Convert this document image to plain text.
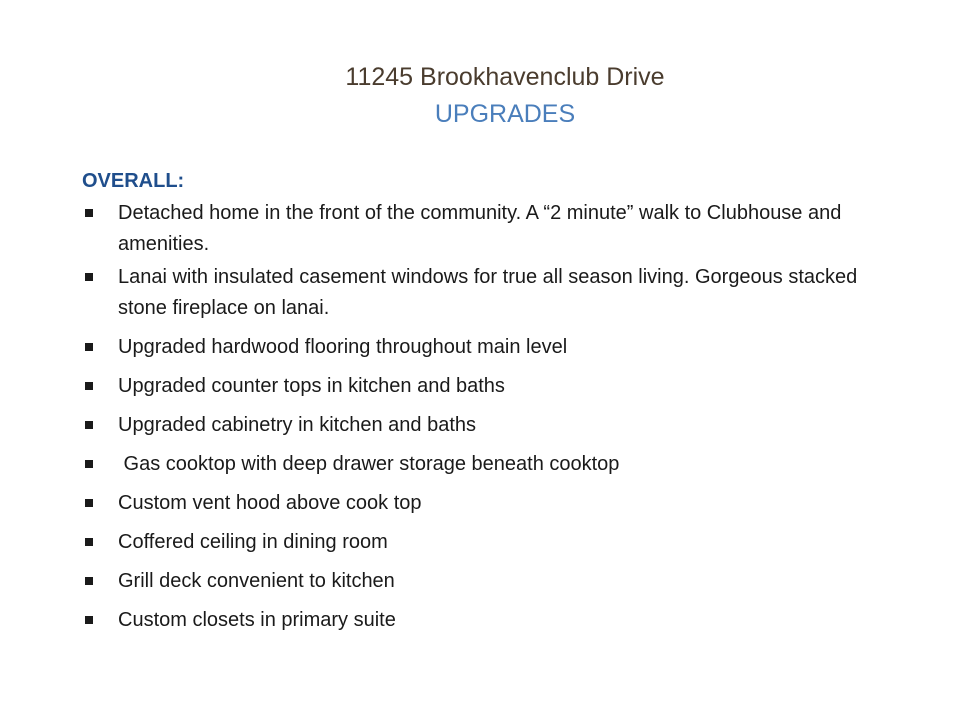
11245 Brookhavenclub Drive
UPGRADES
OVERALL:
Detached home in the front of the community. A “2 minute” walk to Clubhouse and amenities.
Lanai with insulated casement windows for true all season living. Gorgeous stacked stone fireplace on lanai.
Upgraded hardwood flooring throughout main level
Upgraded counter tops in kitchen and baths
Upgraded cabinetry in kitchen and baths
Gas cooktop with deep drawer storage beneath cooktop
Custom vent hood above cook top
Coffered ceiling in dining room
Grill deck convenient to kitchen
Custom closets in primary suite
